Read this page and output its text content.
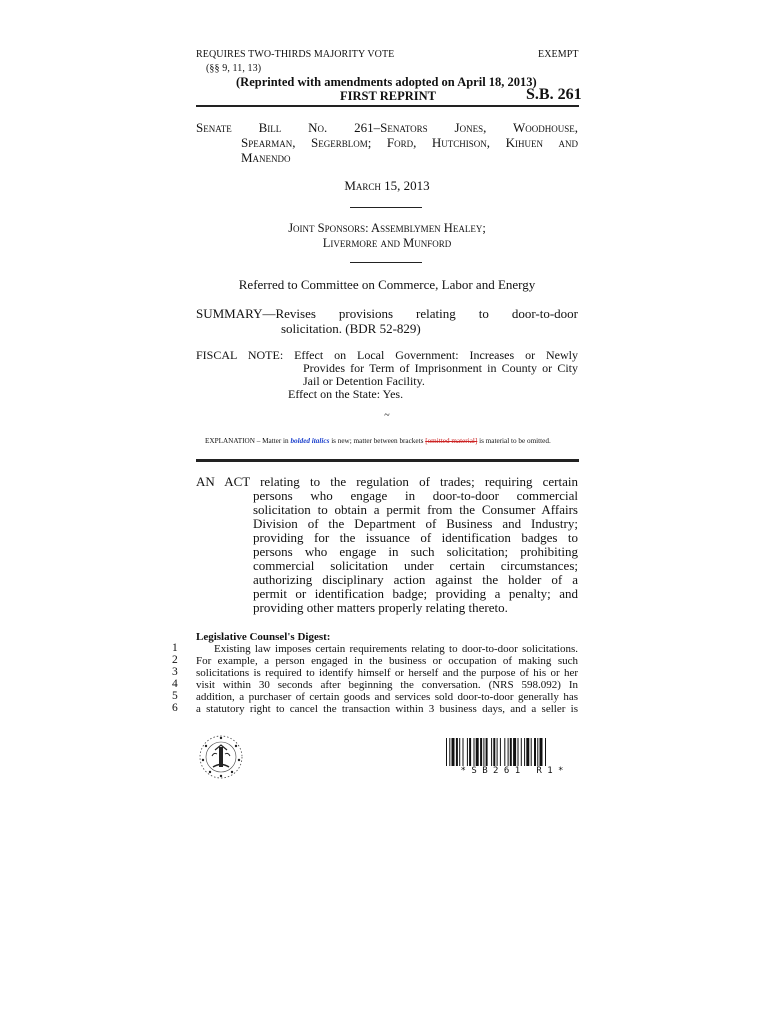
REQUIRES TWO-THIRDS MAJORITY VOTE	EXEMPT
(§§ 9, 11, 13)
(Reprinted with amendments adopted on April 18, 2013)
FIRST REPRINT	S.B. 261
Senate Bill No. 261–Senators Jones, Woodhouse,
Spearman, Segerblom; Ford, Hutchison, Kihuen and
Manendo
March 15, 2013
Joint Sponsors: Assemblymen Healey;
Livermore and Munford
Referred to Committee on Commerce, Labor and Energy
SUMMARY—Revises provisions relating to door-to-door
solicitation. (BDR 52-829)
FISCAL NOTE: Effect on Local Government: Increases or Newly
Provides for Term of Imprisonment in County or City
Jail or Detention Facility.
Effect on the State: Yes.
~
EXPLANATION – Matter in bolded italics is new; matter between brackets [omitted material] is material to be omitted.
AN ACT relating to the regulation of trades; requiring certain
persons who engage in door-to-door commercial
solicitation to obtain a permit from the Consumer Affairs
Division of the Department of Business and Industry;
providing for the issuance of identification badges to
persons who engage in such solicitation; prohibiting
commercial solicitation under certain circumstances;
authorizing disciplinary action against the holder of a
permit or identification badge; providing a penalty; and
providing other matters properly relating thereto.
Legislative Counsel's Digest:
1
2
3
4
5
6
Existing law imposes certain requirements relating to door-to-door solicitations.
For example, a person engaged in the business or occupation of making such
solicitations is required to identify himself or herself and the purpose of his or her
visit within 30 seconds after beginning the conversation. (NRS 598.092) In
addition, a purchaser of certain goods and services sold door-to-door generally has
a statutory right to cancel the transaction within 3 business days, and a seller is
* S B 2 6 1   R 1 *
